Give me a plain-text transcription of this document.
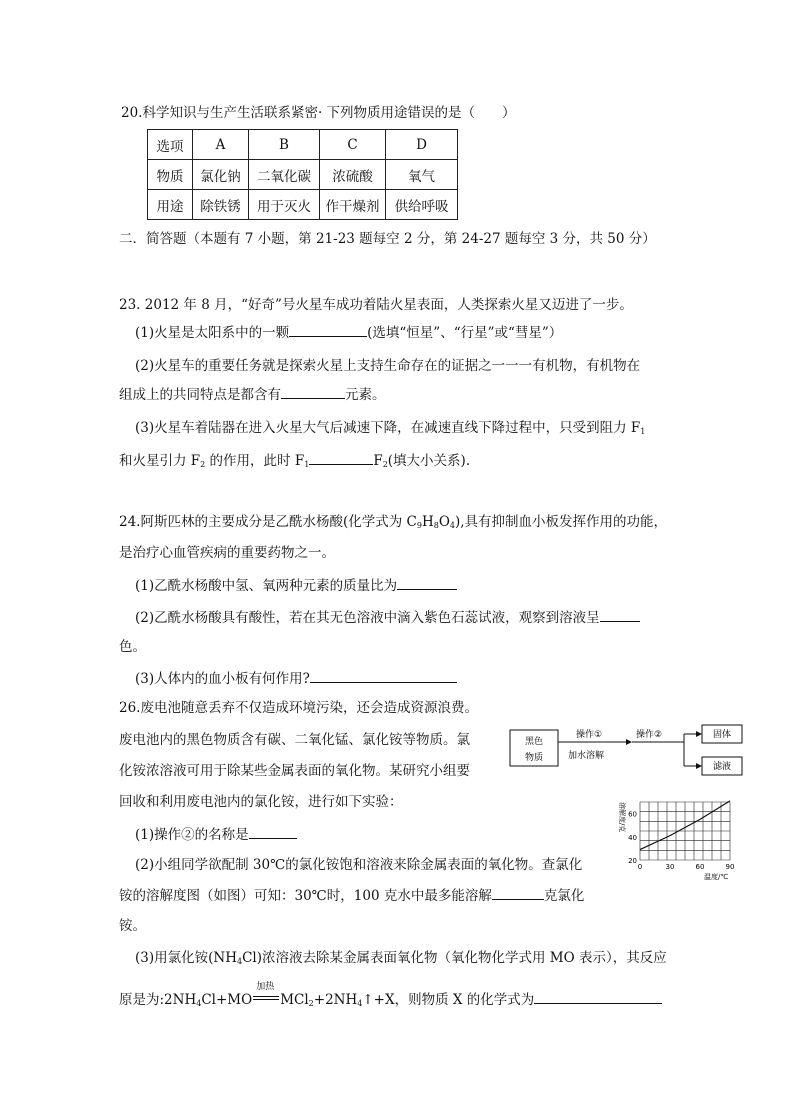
20.科学知识与生产生活联系紧密· 下列物质用途错误的是（　　）
选项	A	B	C	D
物质	氯化钠	二氧化碳	浓硫酸	氧气
用途	除铁锈	用于灭火	作干燥剂	供给呼吸
二．简答题（本题有 7 小题，第 21-23 题每空 2 分，第 24-27 题每空 3 分，共 50 分）
23. 2012 年 8 月，“好奇”号火星车成功着陆火星表面，人类探索火星又迈进了一步。
(1)火星是太阳系中的一颗	(选填“恒星”、“行星”或“彗星”）
(2)火星车的重要任务就是探索火星上支持生命存在的证据之一一一有机物，有机物在
组成上的共同特点是都含有	元素。
(3)火星车着陆器在进入火星大气后减速下降，在减速直线下降过程中，只受到阻力 $F_1$
和火星引力 $F_2$ 的作用，此时 $F_1$	$F_2$(填大小关系).
24.阿斯匹林的主要成分是乙酰水杨酸(化学式为 $C_9H_8O_4$),具有抑制血小板发挥作用的功能，
是治疗心血管疾病的重要药物之一。
(1)乙酰水杨酸中氢、氧两种元素的质量比为
(2)乙酰水杨酸具有酸性，若在其无色溶液中滴入紫色石蕊试液，观察到溶液呈
色。
(3)人体内的血小板有何作用?
26.废电池随意丢弃不仅造成环境污染，还会造成资源浪费。
废电池内的黑色物质含有碳、二氧化锰、氯化铵等物质。氯
化铵浓溶液可用于除某些金属表面的氧化物。某研究小组要
回收和利用废电池内的氯化铵，进行如下实验：
(1)操作②的名称是
(2)小组同学欲配制 30℃的氯化铵饱和溶液来除金属表面的氧化物。查氯化
铵的溶解度图（如图）可知：30℃时，100 克水中最多能溶解	克氯化
铵。
(3)用氯化铵$(NH_4Cl)$浓溶液去除某金属表面氧化物（氧化物化学式用 MO 表示），其反应
原是为$:2NH_4Cl+MO$
加热
$MCl_2+2NH_4↑+X$，则物质 X 的化学式为
黑色
物质
操作①
加水溶解
操作②	固体
滤液
60
40
20
0	30	60	90
溶解度/克
温度/℃
